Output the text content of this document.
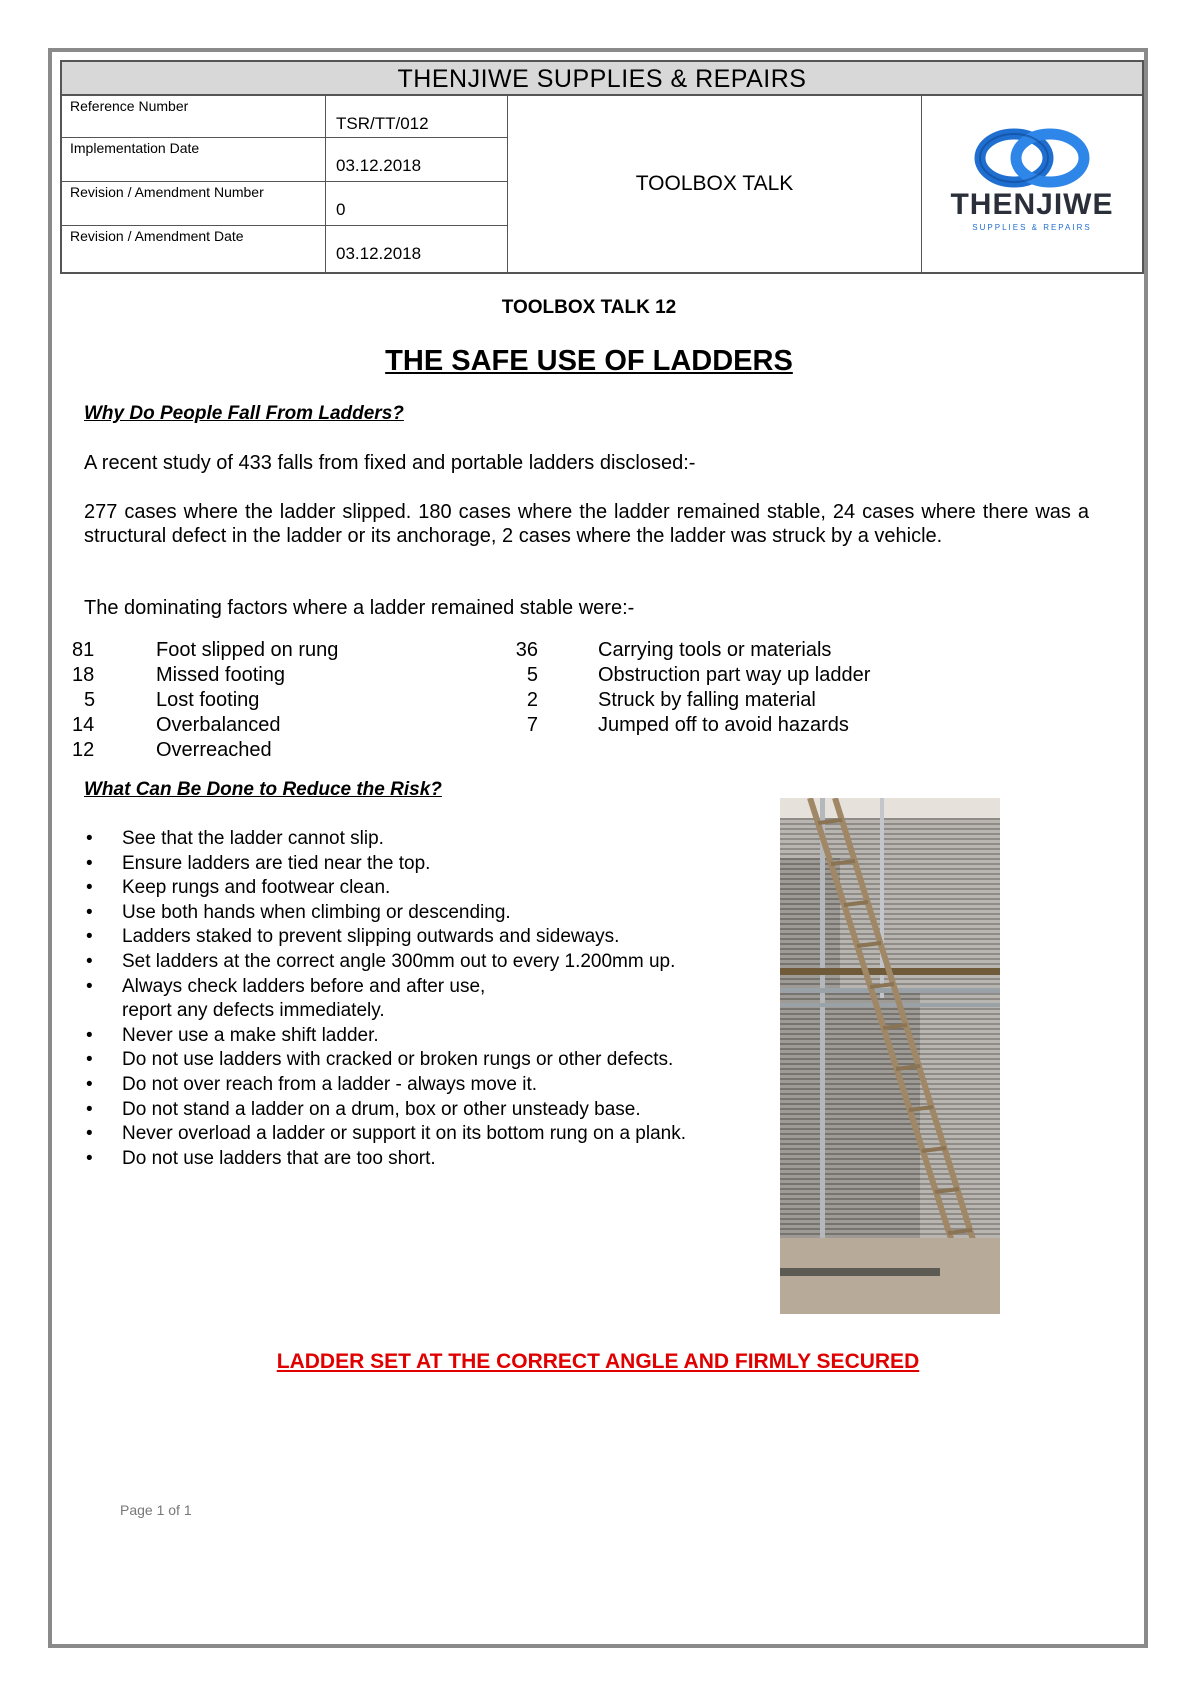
THENJIWE SUPPLIES & REPAIRS
Reference Number
TSR/TT/012
Implementation Date
03.12.2018
Revision / Amendment Number
0
Revision / Amendment Date
03.12.2018
TOOLBOX TALK
THENJIWE
SUPPLIES & REPAIRS
TOOLBOX TALK 12
THE SAFE USE OF LADDERS
Why Do People Fall From Ladders?
A recent study of 433 falls from fixed and portable ladders disclosed:-
277 cases where the ladder slipped. 180 cases where the ladder remained stable, 24 cases where there was a structural defect in the ladder or its anchorage, 2 cases where the ladder was struck by a vehicle.
The dominating factors where a ladder remained stable were:-
81	Foot slipped on rung	36	Carrying tools or materials
18	Missed footing	5	Obstruction part way up ladder
5	Lost footing	2	Struck by falling material
14	Overbalanced	7	Jumped off to avoid hazards
12	Overreached
What Can Be Done to Reduce the Risk?
• See that the ladder cannot slip.
• Ensure ladders are tied near the top.
• Keep rungs and footwear clean.
• Use both hands when climbing or descending.
• Ladders staked to prevent slipping outwards and sideways.
• Set ladders at the correct angle 300mm out to every 1.200mm up.
• Always check ladders before and after use,
report any defects immediately.
• Never use a make shift ladder.
• Do not use ladders with cracked or broken rungs or other defects.
• Do not over reach from a ladder - always move it.
• Do not stand a ladder on a drum, box or other unsteady base.
• Never overload a ladder or support it on its bottom rung on a plank.
• Do not use ladders that are too short.
LADDER SET AT THE CORRECT ANGLE AND FIRMLY SECURED
Page 1 of 1
